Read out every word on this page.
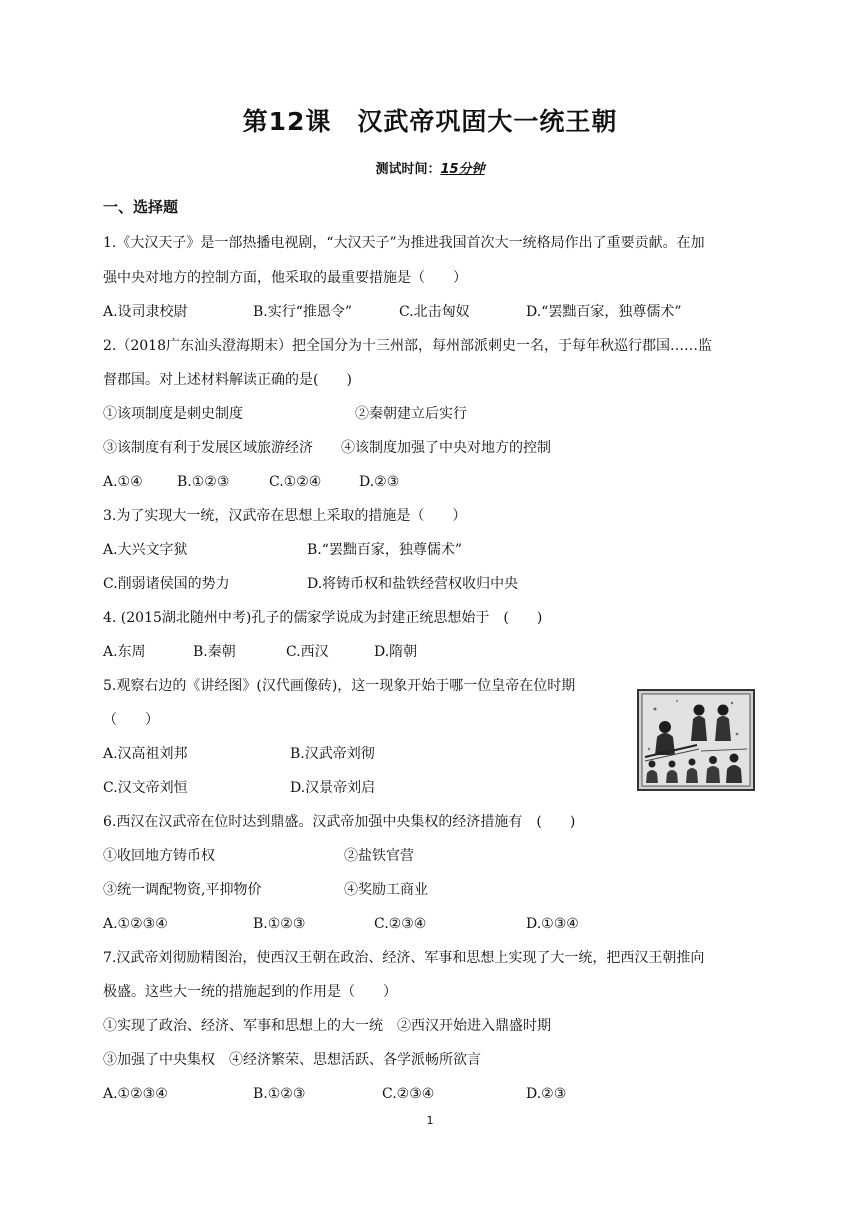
第12课　汉武帝巩固大一统王朝
测试时间：15分钟
一、选择题
1.《大汉天子》是一部热播电视剧，“大汉天子”为推进我国首次大一统格局作出了重要贡献。在加
强中央对地方的控制方面，他采取的最重要措施是（　　）
A.设司隶校尉	B.实行“推恩令”	C.北击匈奴	D.“罢黜百家，独尊儒术”
2.（2018广东汕头澄海期末）把全国分为十三州部，每州部派刺史一名，于每年秋巡行郡国……监
督郡国。对上述材料解读正确的是(　　)
①该项制度是刺史制度	②秦朝建立后实行
③该制度有利于发展区域旅游经济 ④该制度加强了中央对地方的控制
A.①④ B.①②③	C.①②④	D.②③
3.为了实现大一统，汉武帝在思想上采取的措施是（　　）
A.大兴文字狱	B.“罢黜百家，独尊儒术”
C.削弱诸侯国的势力	D.将铸币权和盐铁经营权收归中央
4. (2015湖北随州中考)孔子的儒家学说成为封建正统思想始于　(　　)
A.东周	B.秦朝	C.西汉	D.隋朝
5.观察右边的《讲经图》(汉代画像砖)，这一现象开始于哪一位皇帝在位时期
（　　）
A.汉高祖刘邦	B.汉武帝刘彻
C.汉文帝刘恒	D.汉景帝刘启
6.西汉在汉武帝在位时达到鼎盛。汉武帝加强中央集权的经济措施有　(　　)
①收回地方铸币权	②盐铁官营
③统一调配物资,平抑物价	④奖励工商业
A.①②③④	B.①②③	C.②③④	D.①③④
7.汉武帝刘彻励精图治，使西汉王朝在政治、经济、军事和思想上实现了大一统，把西汉王朝推向
极盛。这些大一统的措施起到的作用是（　　）
①实现了政治、经济、军事和思想上的大一统　②西汉开始进入鼎盛时期
③加强了中央集权　④经济繁荣、思想活跃、各学派畅所欲言
A.①②③④	B.①②③	C.②③④	D.②③
1
